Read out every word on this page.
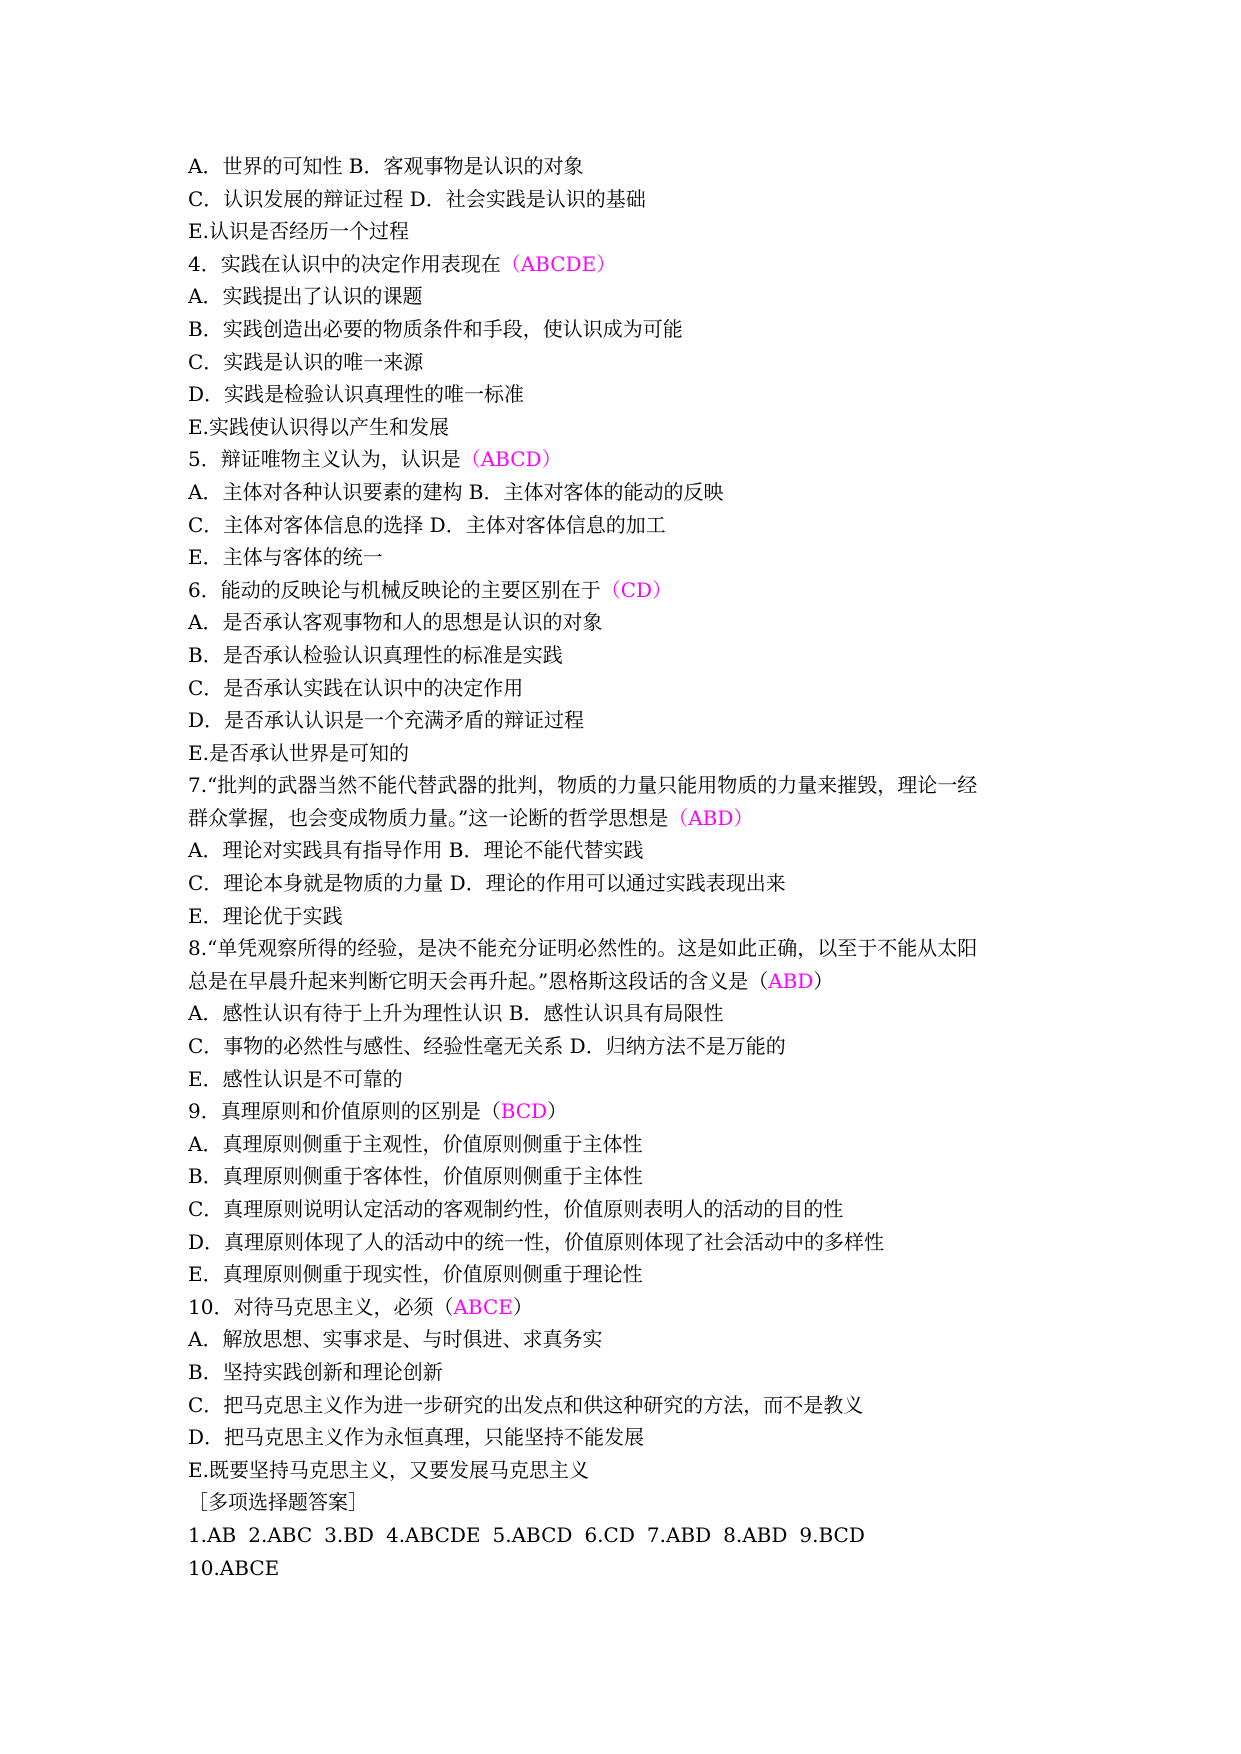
A．世界的可知性 B．客观事物是认识的对象
C．认识发展的辩证过程 D．社会实践是认识的基础
E.认识是否经历一个过程
4．实践在认识中的决定作用表现在（ABCDE）
A．实践提出了认识的课题
B．实践创造出必要的物质条件和手段，使认识成为可能
C．实践是认识的唯一来源
D．实践是检验认识真理性的唯一标准
E.实践使认识得以产生和发展
5．辩证唯物主义认为，认识是（ABCD）
A．主体对各种认识要素的建构 B．主体对客体的能动的反映
C．主体对客体信息的选择 D．主体对客体信息的加工
E．主体与客体的统一
6．能动的反映论与机械反映论的主要区别在于（CD）
A．是否承认客观事物和人的思想是认识的对象
B．是否承认检验认识真理性的标准是实践
C．是否承认实践在认识中的决定作用
D．是否承认认识是一个充满矛盾的辩证过程
E.是否承认世界是可知的
7.“批判的武器当然不能代替武器的批判，物质的力量只能用物质的力量来摧毁，理论一经
群众掌握，也会变成物质力量。”这一论断的哲学思想是（ABD）
A．理论对实践具有指导作用 B．理论不能代替实践
C．理论本身就是物质的力量 D．理论的作用可以通过实践表现出来
E．理论优于实践
8.“单凭观察所得的经验，是决不能充分证明必然性的。这是如此正确，以至于不能从太阳
总是在早晨升起来判断它明天会再升起。”恩格斯这段话的含义是（ABD）
A．感性认识有待于上升为理性认识 B．感性认识具有局限性
C．事物的必然性与感性、经验性毫无关系 D．归纳方法不是万能的
E．感性认识是不可靠的
9．真理原则和价值原则的区别是（BCD）
A．真理原则侧重于主观性，价值原则侧重于主体性
B．真理原则侧重于客体性，价值原则侧重于主体性
C．真理原则说明认定活动的客观制约性，价值原则表明人的活动的目的性
D．真理原则体现了人的活动中的统一性，价值原则体现了社会活动中的多样性
E．真理原则侧重于现实性，价值原则侧重于理论性
10．对待马克思主义，必须（ABCE）
A．解放思想、实事求是、与时俱进、求真务实
B．坚持实践创新和理论创新
C．把马克思主义作为进一步研究的出发点和供这种研究的方法，而不是教义
D．把马克思主义作为永恒真理，只能坚持不能发展
E.既要坚持马克思主义，又要发展马克思主义
［多项选择题答案］
1.AB 2.ABC 3.BD 4.ABCDE 5.ABCD 6.CD 7.ABD 8.ABD 9.BCD
10.ABCE
